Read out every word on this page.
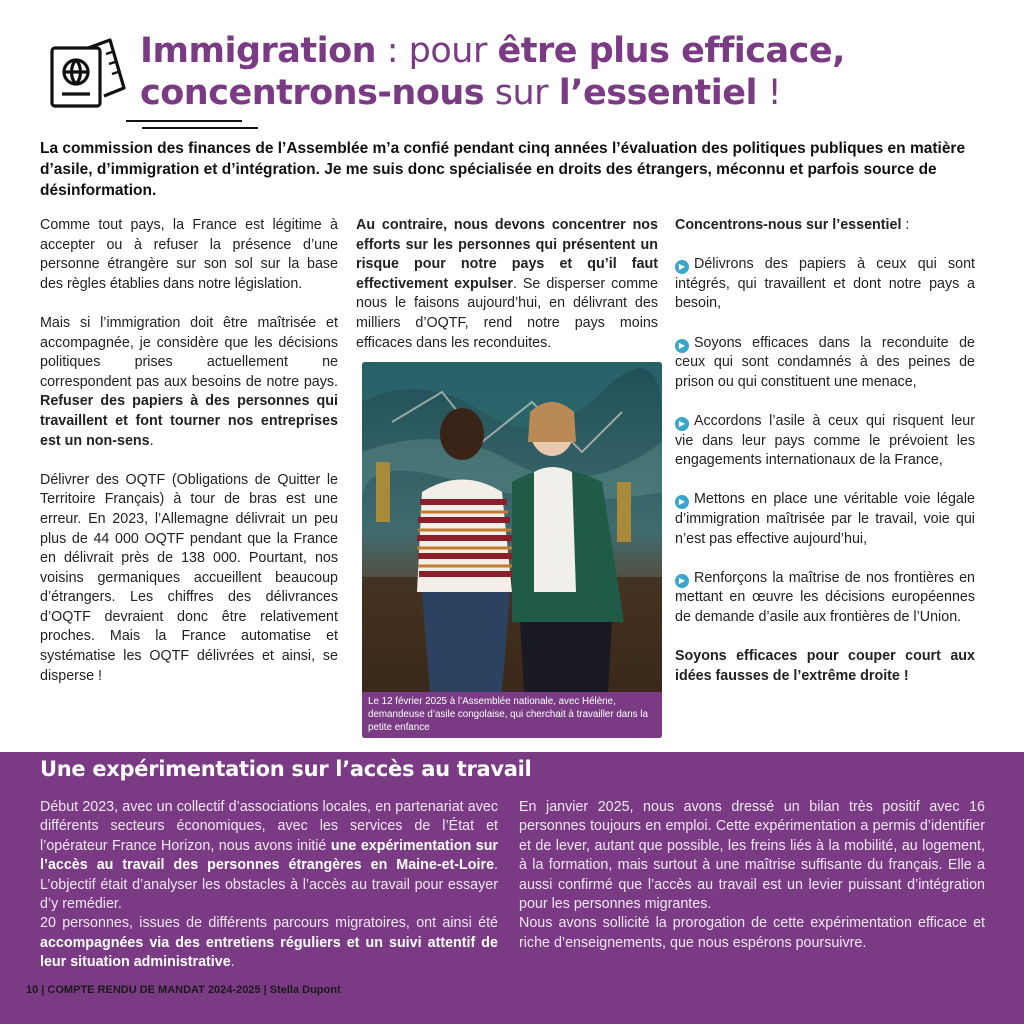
Immigration : pour être plus efficace,
concentrons-nous sur l’essentiel !
La commission des finances de l’Assemblée m’a confié pendant cinq années l’évaluation des politiques publiques en matière d’asile, d’immigration et d’intégration. Je me suis donc spécialisée en droits des étrangers, méconnu et parfois source de désinformation.

Comme tout pays, la France est légitime à accepter ou à refuser la présence d’une personne étrangère sur son sol sur la base des règles établies dans notre législation.

Mais si l’immigration doit être maîtrisée et accompagnée, je considère que les décisions politiques prises actuellement ne correspondent pas aux besoins de notre pays. Refuser des papiers à des personnes qui travaillent et font tourner nos entreprises est un non-sens.

Délivrer des OQTF (Obligations de Quitter le Territoire Français) à tour de bras est une erreur. En 2023, l’Allemagne délivrait un peu plus de 44 000 OQTF pendant que la France en délivrait près de 138 000. Pourtant, nos voisins germaniques accueillent beaucoup d’étrangers. Les chiffres des délivrances d’OQTF devraient donc être relativement proches. Mais la France automatise et systématise les OQTF délivrées et ainsi, se disperse !

Au contraire, nous devons concentrer nos efforts sur les personnes qui présentent un risque pour notre pays et qu’il faut effectivement expulser. Se disperser comme nous le faisons aujourd’hui, en délivrant des milliers d’OQTF, rend notre pays moins efficaces dans les reconduites.

Le 12 février 2025 à l’Assemblée nationale, avec Hélène, demandeuse d’asile congolaise, qui cherchait à travailler dans la petite enfance

Concentrons-nous sur l’essentiel :

▶ Délivrons des papiers à ceux qui sont intégrés, qui travaillent et dont notre pays a besoin,

▶ Soyons efficaces dans la reconduite de ceux qui sont condamnés à des peines de prison ou qui constituent une menace,

▶ Accordons l’asile à ceux qui risquent leur vie dans leur pays comme le prévoient les engagements internationaux de la France,

▶ Mettons en place une véritable voie légale d’immigration maîtrisée par le travail, voie qui n’est pas effective aujourd’hui,

▶ Renforçons la maîtrise de nos frontières en mettant en œuvre les décisions européennes de demande d’asile aux frontières de l’Union.

Soyons efficaces pour couper court aux idées fausses de l’extrême droite !

Une expérimentation sur l’accès au travail
Début 2023, avec un collectif d’associations locales, en partenariat avec différents secteurs économiques, avec les services de l’État et l’opérateur France Horizon, nous avons initié une expérimentation sur l’accès au travail des personnes étrangères en Maine-et-Loire. L’objectif était d’analyser les obstacles à l’accès au travail pour essayer d’y remédier.
20 personnes, issues de différents parcours migratoires, ont ainsi été accompagnées via des entretiens réguliers et un suivi attentif de leur situation administrative.
En janvier 2025, nous avons dressé un bilan très positif avec 16 personnes toujours en emploi. Cette expérimentation a permis d’identifier et de lever, autant que possible, les freins liés à la mobilité, au logement, à la formation, mais surtout à une maîtrise suffisante du français. Elle a aussi confirmé que l’accès au travail est un levier puissant d’intégration pour les personnes migrantes.
Nous avons sollicité la prorogation de cette expérimentation efficace et riche d’enseignements, que nous espérons poursuivre.
10 | COMPTE RENDU DE MANDAT 2024-2025 | Stella Dupont
